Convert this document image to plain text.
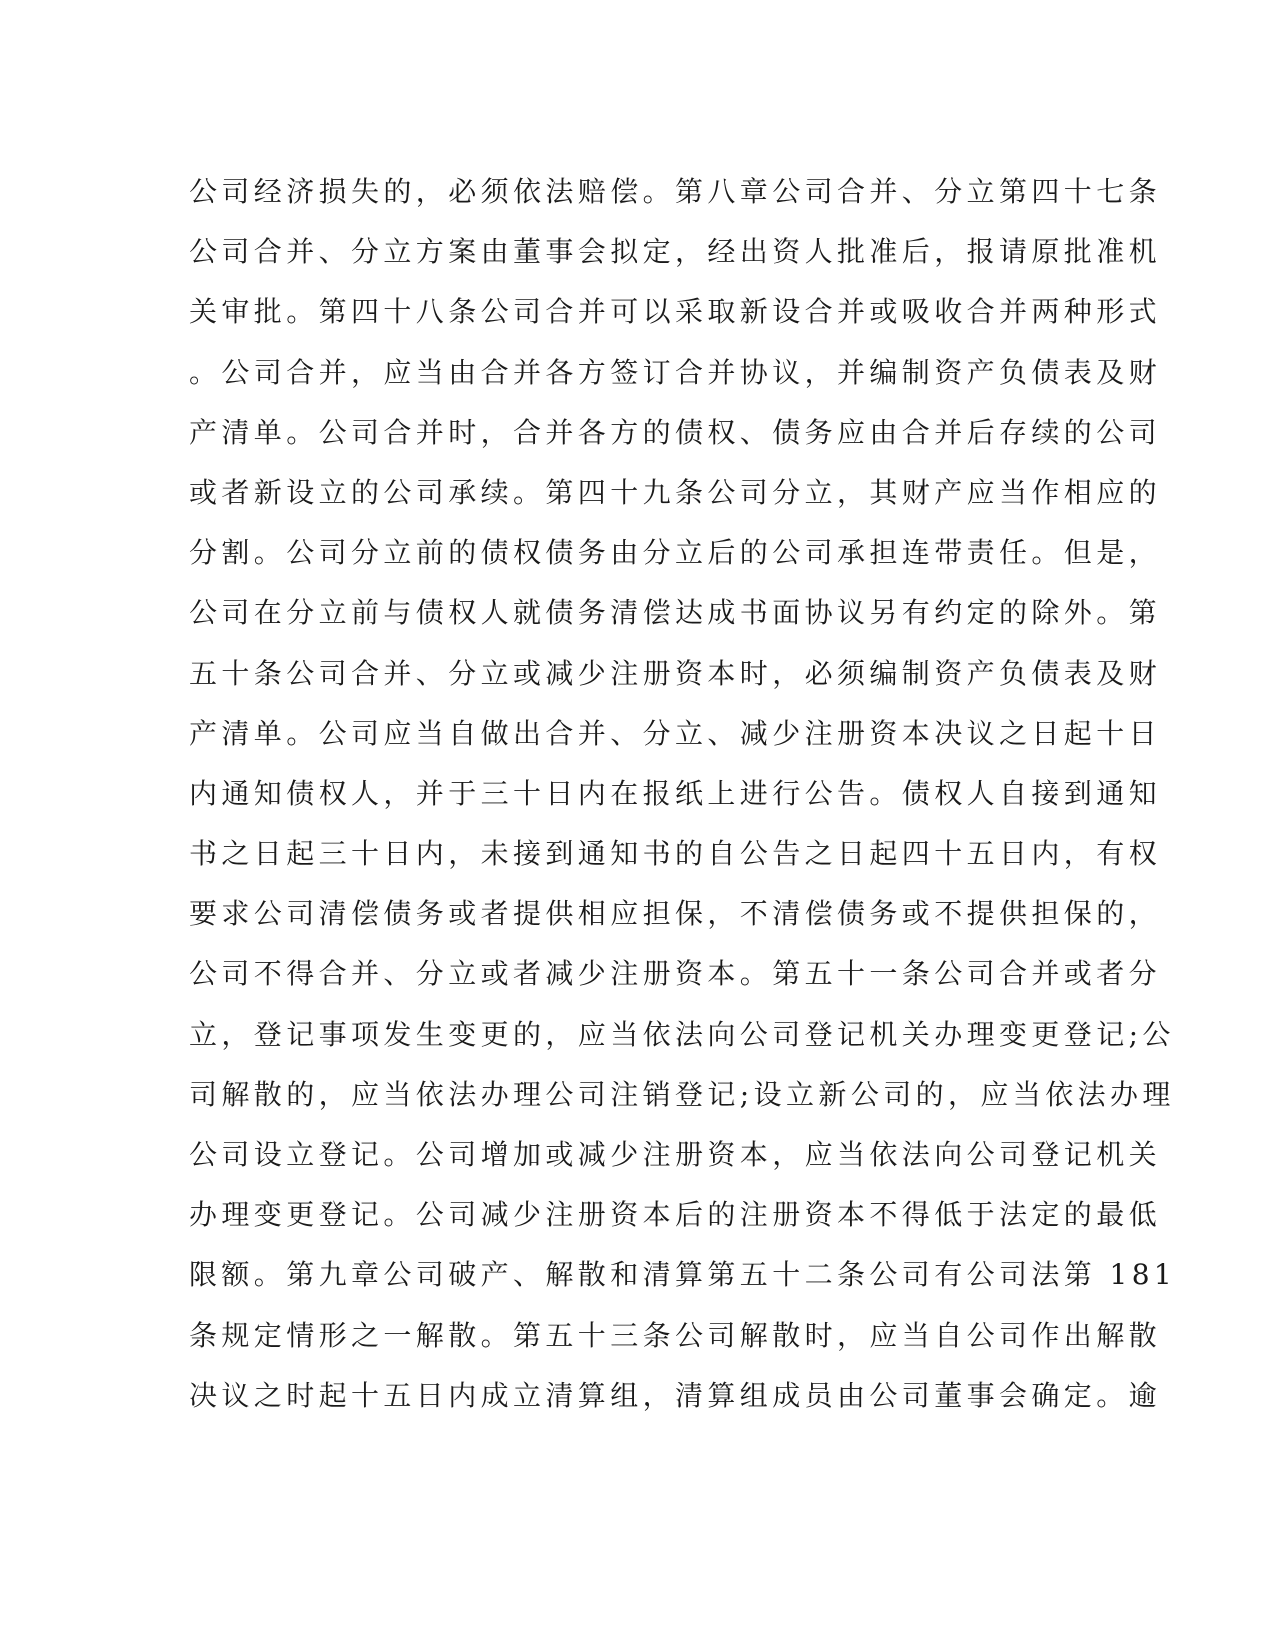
公司经济损失的，必须依法赔偿。第八章公司合并、分立第四十七条
公司合并、分立方案由董事会拟定，经出资人批准后，报请原批准机
关审批。第四十八条公司合并可以采取新设合并或吸收合并两种形式
。公司合并，应当由合并各方签订合并协议，并编制资产负债表及财
产清单。公司合并时，合并各方的债权、债务应由合并后存续的公司
或者新设立的公司承续。第四十九条公司分立，其财产应当作相应的
分割。公司分立前的债权债务由分立后的公司承担连带责任。但是，
公司在分立前与债权人就债务清偿达成书面协议另有约定的除外。第
五十条公司合并、分立或减少注册资本时，必须编制资产负债表及财
产清单。公司应当自做出合并、分立、减少注册资本决议之日起十日
内通知债权人，并于三十日内在报纸上进行公告。债权人自接到通知
书之日起三十日内，未接到通知书的自公告之日起四十五日内，有权
要求公司清偿债务或者提供相应担保，不清偿债务或不提供担保的，
公司不得合并、分立或者减少注册资本。第五十一条公司合并或者分
立，登记事项发生变更的，应当依法向公司登记机关办理变更登记;公
司解散的，应当依法办理公司注销登记;设立新公司的，应当依法办理
公司设立登记。公司增加或减少注册资本，应当依法向公司登记机关
办理变更登记。公司减少注册资本后的注册资本不得低于法定的最低
限额。第九章公司破产、解散和清算第五十二条公司有公司法第 181
条规定情形之一解散。第五十三条公司解散时，应当自公司作出解散
决议之时起十五日内成立清算组，清算组成员由公司董事会确定。逾
